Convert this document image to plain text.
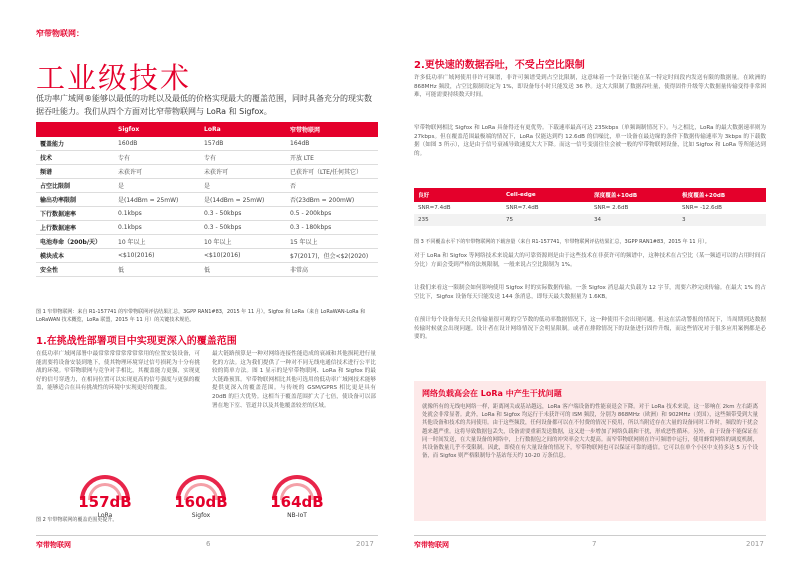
窄带物联网：
工业级技术
低功率广域网®能够以最低的功耗以及最低的价格实现最大的覆盖范围，同时具备充分的现实数据吞吐能力。我们从四个方面对比窄带物联网与 LoRa 和 Sigfox。
	Sigfox	LoRa	窄带物联网
覆盖能力	160dB	157dB	164dB
技术	专有	专有	开放 LTE
频谱	未获许可	未获许可	已获许可（LTE/任何其它）
占空比限制	是	是	否
输出功率限制	是(14dBm = 25mW)	是(14dBm = 25mW)	否(23dBm = 200mW)
下行数据速率	0.1kbps	0.3 - 50kbps	0.5 - 200kbps
上行数据速率	0.1kbps	0.3 - 50kbps	0.3 - 180kbps
电池寿命（200b/天）	10 年以上	10 年以上	15 年以上
模块成本	<$10(2016)	<$10(2016)	$7(2017)，但会<$2(2020)
安全性	低	低	非常高
图 1 窄带物联网：来自 R1-157741 的窄带物联网评估结果汇总，3GPP RAN1#83，2015 年 11 月）。Sigfox 和 LoRa（来自 LoRaWAN-LoRa 和 LoRaWAN 技术概览，LoRa 联盟，2015 年 11 月）的关键技术规范。
1.在挑战性部署项目中实现更深入的覆盖范围
在低功率广域网部署中最常常常常常常常常用的位置安装设备，可能需要将设备安装到地下，使其物理环境穿过信号损耗为十分有挑战的环境。窄带物联网与竞争对手相比，其覆盖能力更强，实现更好的信号穿透力，在相同位置可以实现更高的信号强度与更强的覆盖，能够适合在具有挑战性的环境中实现更好的覆盖。
最大链路预算是一种对网络连接性能造成的衰减和其他损耗进行量化的方法。这为我们提供了一种对不同无线电通信技术进行公平比较的简单方法。图 1 显示的是窄带物联网、LoRa 和 Sigfox 的最大链路预算。窄带物联网相比其他可选用的低功率广域网技术能够提供更深入的覆盖范围。与传统的 GSM/GPRS 相比更是具有 20dB 的巨大优势。这相当于覆盖范围扩大了七倍，使设备可以部署在地下室、管道井以及其他覆盖较差的区域。
157dB
LoRa
160dB
Sigfox
164dB
NB-IoT
图 2 窄带物联网的覆盖范围更提升。
窄带物联网	6	2017
2.更快速的数据吞吐，不受占空比限制
许多低功率广域网使用非许可频谱，非许可频谱受到占空比限制，这意味着一个设备只能在某一特定时间段内发送有限的数据量。在欧洲的 868MHz 频段，占空比限制设定为 1%，即设备每小时只能发送 36 秒。这大大限制了数据吞吐量，使得固件升级等大数据量传输变得非常困难，可能需要持续数天时间。
窄带物联网相比 Sigfox 和 LoRa 具备得还有更优势。下载速率最高可达 235kbps（单频调制情况下）。与之相比，LoRa 的最大数据速率则为 27kbps。但在覆盖范围最极端的情况下，LoRa 仅能达到约 12.6dB 的信噪比，单一设备在最边缘的条件下数据传输速率为 3kbps 的下载数据（如图 3 所示），这是由于信号衰减导致速度大大下降。而这一信号变弱往往会被一般的窄带物联网设备，比如 Sigfox 和 LoRa 等所能达到的。
良好	Cell-edge	深度覆盖+10dB	极度覆盖+20dB
SNR=7.4dB	SNR=7.4dB	SNR= 2.6dB	SNR= -12.6dB
235	75	34	3
图 3 不同覆盖水平下的窄带物联网的下载容量（来自 R1-157741，窄带物联网评估结果汇总，3GPP RAN1#83，2015 年 11 月）。
对于 LoRa 和 Sigfox 等网络技术来说最大的可靠资源则是由于这些技术在非获许可的频谱中，这种技术在占空比（某一频道可以的占用时间百分比）方面会受到严格的法规限制，一般来说占空比限制为 1%。
让我们来看这一限制会如何影响使用 Sigfox 时的实际数据传输。一条 Sigfox 消息最大负载为 12 字节，需要六秒完成传输。在最大 1% 的占空比下，Sigfox 设备每天只能发送 144 条消息，即每天最大数据量为 1.6KB。
在预计每个设备每天只会传输量很可观的空节数的低功率数据情况下，这一种使用不会出现问题。但这在活动警报的情况下，当周期到达数据传输时候就会出现问题。设计者在设计网络情况下会明显限制。或者在排除情况下的设备进行固件升级，而这些情况对于很多应用案例都是必要的。
网络负载高会在 LoRa 中产生干扰问题
就像所有的无线电网络一样，距离网关或基站越远，LoRa 客户端设备的性能衰退会下降。对于 LoRa 技术来说，这一影响在 2km 左右距离处就会非常显著。此外，LoRa 和 Sigfox 均运行于未获许可的 ISM 频段，分别为 868MHz（欧洲）和 902MHz（美国），这些频带受到大量其他设备和技术的共同使用。由于这些频段，任何设备都可以在不付费的情况下使用，所以当附近存在大量的设备同时工作时，频段的干扰会越来越严重。这将导致数据包丢失，设备需要重新发送数据，这又进一步增加了网络负载和干扰，形成恶性循环。另外，由于设备不能保证在同一时间发送，在大量设备的网络中，上行数据包之间的冲突率会大大提高。而窄带物联网则在许可频谱中运行，使用蜂窝网络的调度机制，其设备数量几乎不受限制。因此，即使在有大量设备的情况下，窄带物联网也可以保证可靠的通信。它可以在单个小区中支持多达 5 万个设备，而 Sigfox 则严格限制每个基站每天约 10-20 万条信息。
窄带物联网	7	2017
